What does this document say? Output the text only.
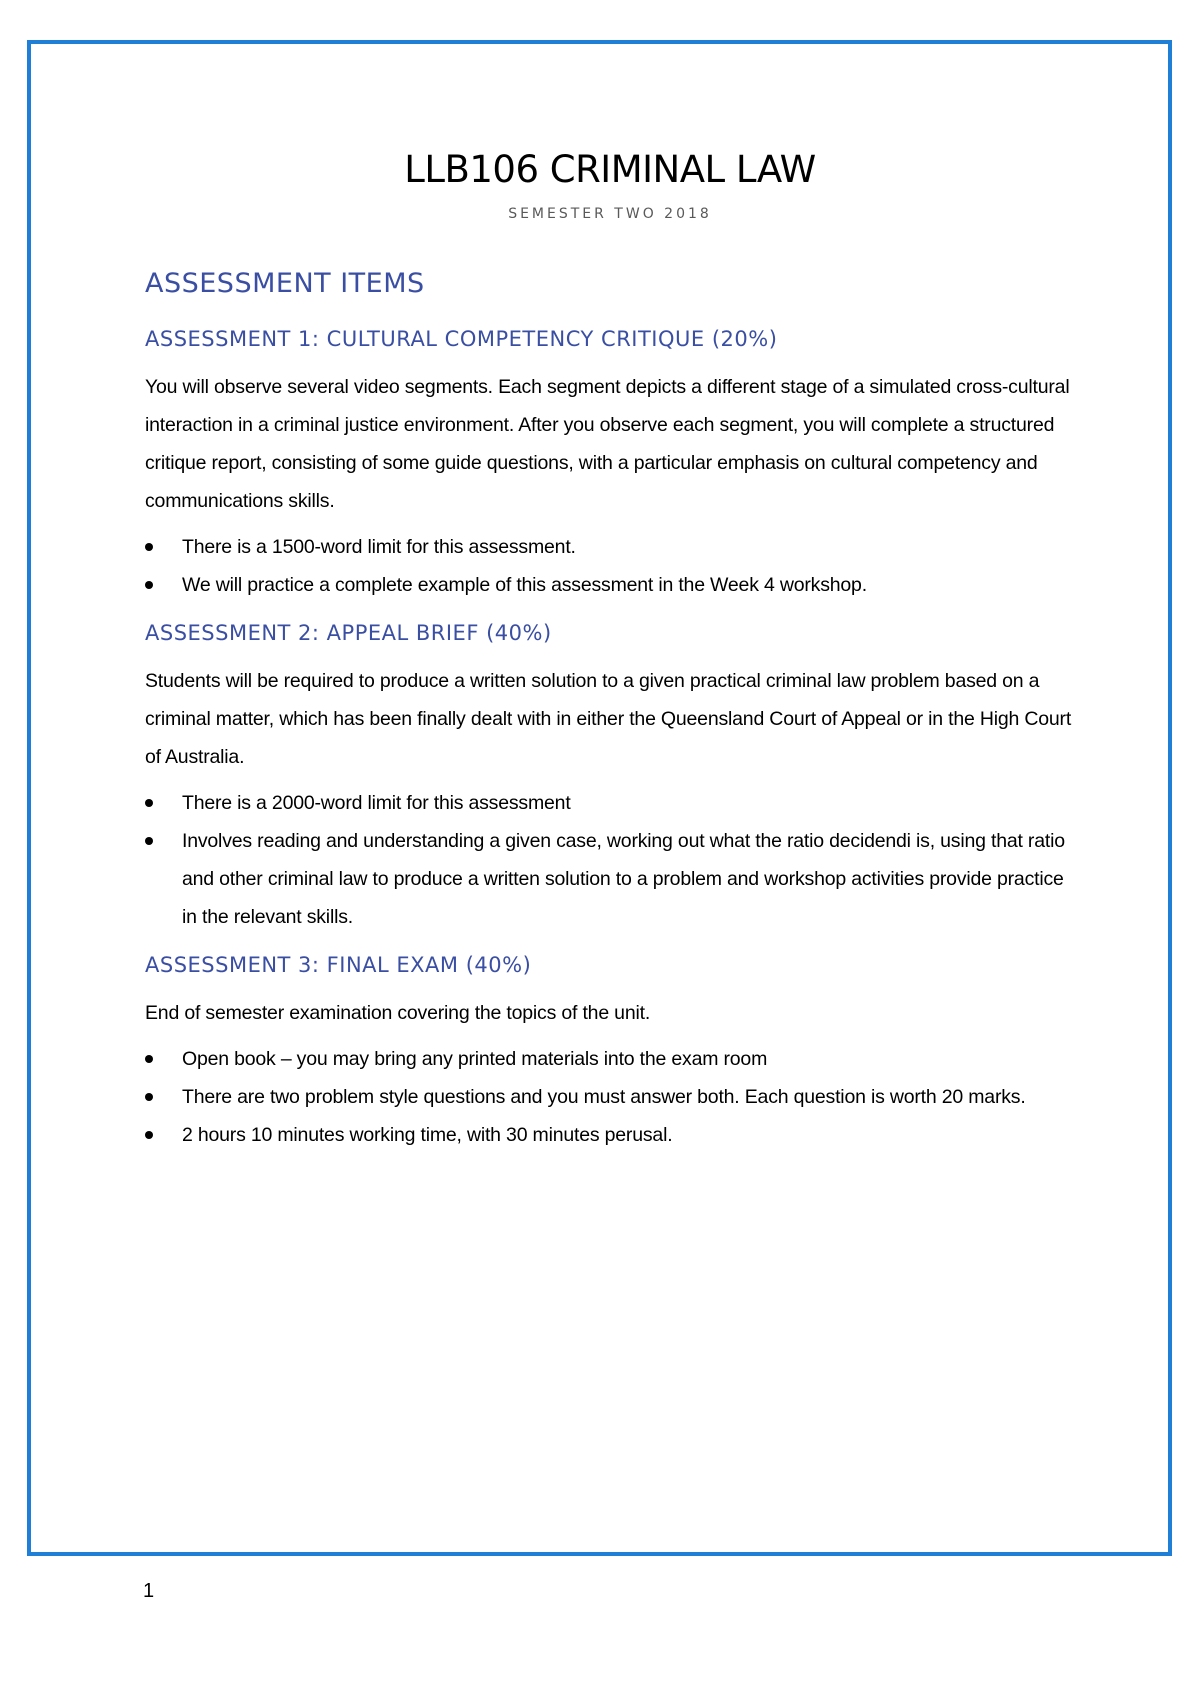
LLB106 CRIMINAL LAW

SEMESTER TWO 2018

ASSESSMENT ITEMS
ASSESSMENT 1: CULTURAL COMPETENCY CRITIQUE (20%)

You will observe several video segments. Each segment depicts a different stage of a simulated cross-cultural interaction in a criminal justice environment. After you observe each segment, you will complete a structured critique report, consisting of some guide questions, with a particular emphasis on cultural competency and communications skills.

There is a 1500-word limit for this assessment.
We will practice a complete example of this assessment in the Week 4 workshop.
ASSESSMENT 2: APPEAL BRIEF (40%)

Students will be required to produce a written solution to a given practical criminal law problem based on a criminal matter, which has been finally dealt with in either the Queensland Court of Appeal or in the High Court of Australia.

There is a 2000-word limit for this assessment
Involves reading and understanding a given case, working out what the ratio decidendi is, using that ratio and other criminal law to produce a written solution to a problem and workshop activities provide practice in the relevant skills.
ASSESSMENT 3: FINAL EXAM (40%)

End of semester examination covering the topics of the unit.

Open book – you may bring any printed materials into the exam room
There are two problem style questions and you must answer both. Each question is worth 20 marks.
2 hours 10 minutes working time, with 30 minutes perusal.
1
